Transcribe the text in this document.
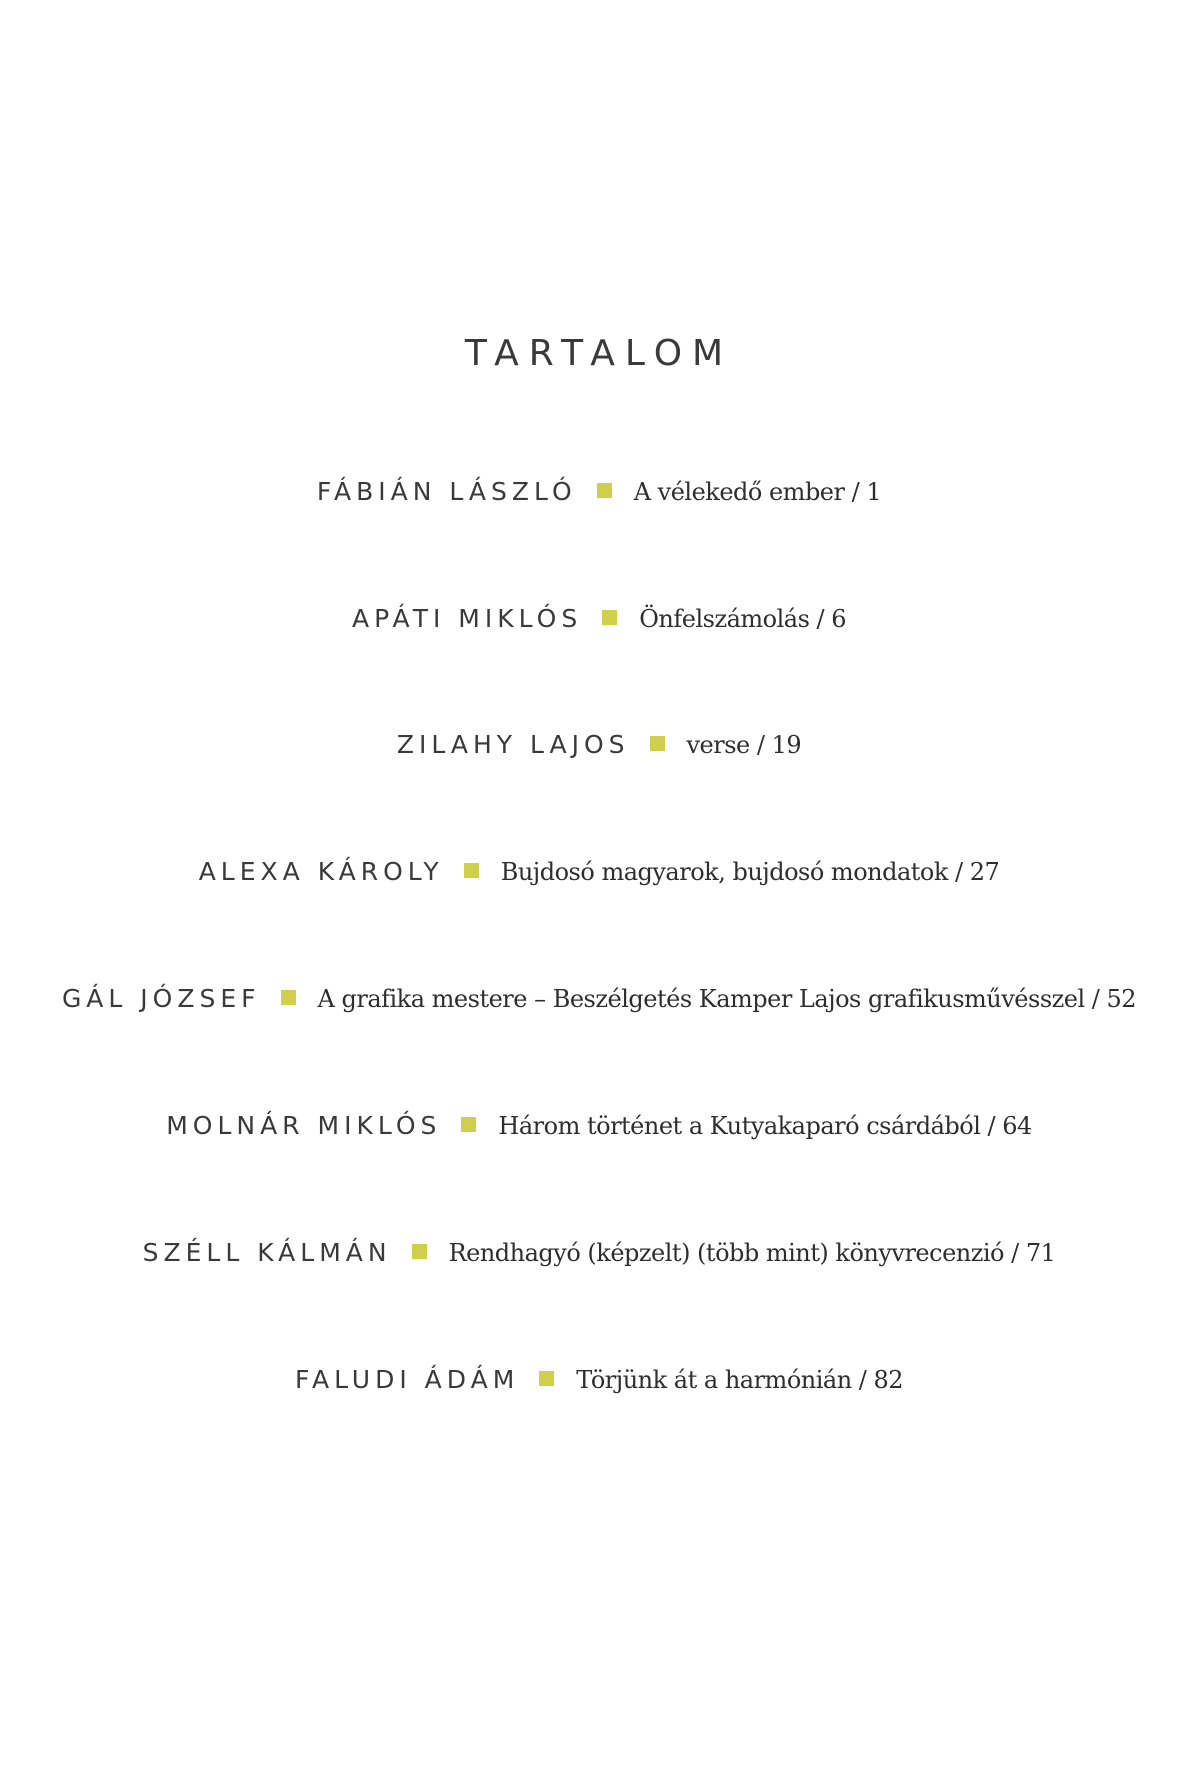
TARTALOM
FÁBIÁN LÁSZLÓ A vélekedő ember / 1
APÁTI MIKLÓS Önfelszámolás / 6
ZILAHY LAJOS verse / 19
ALEXA KÁROLY Bujdosó magyarok, bujdosó mondatok / 27
GÁL JÓZSEF A grafika mestere – Beszélgetés Kamper Lajos grafikusművésszel / 52
MOLNÁR MIKLÓS Három történet a Kutyakaparó csárdából / 64
SZÉLL KÁLMÁN Rendhagyó (képzelt) (több mint) könyvrecenzió / 71
FALUDI ÁDÁM Törjünk át a harmónián / 82
